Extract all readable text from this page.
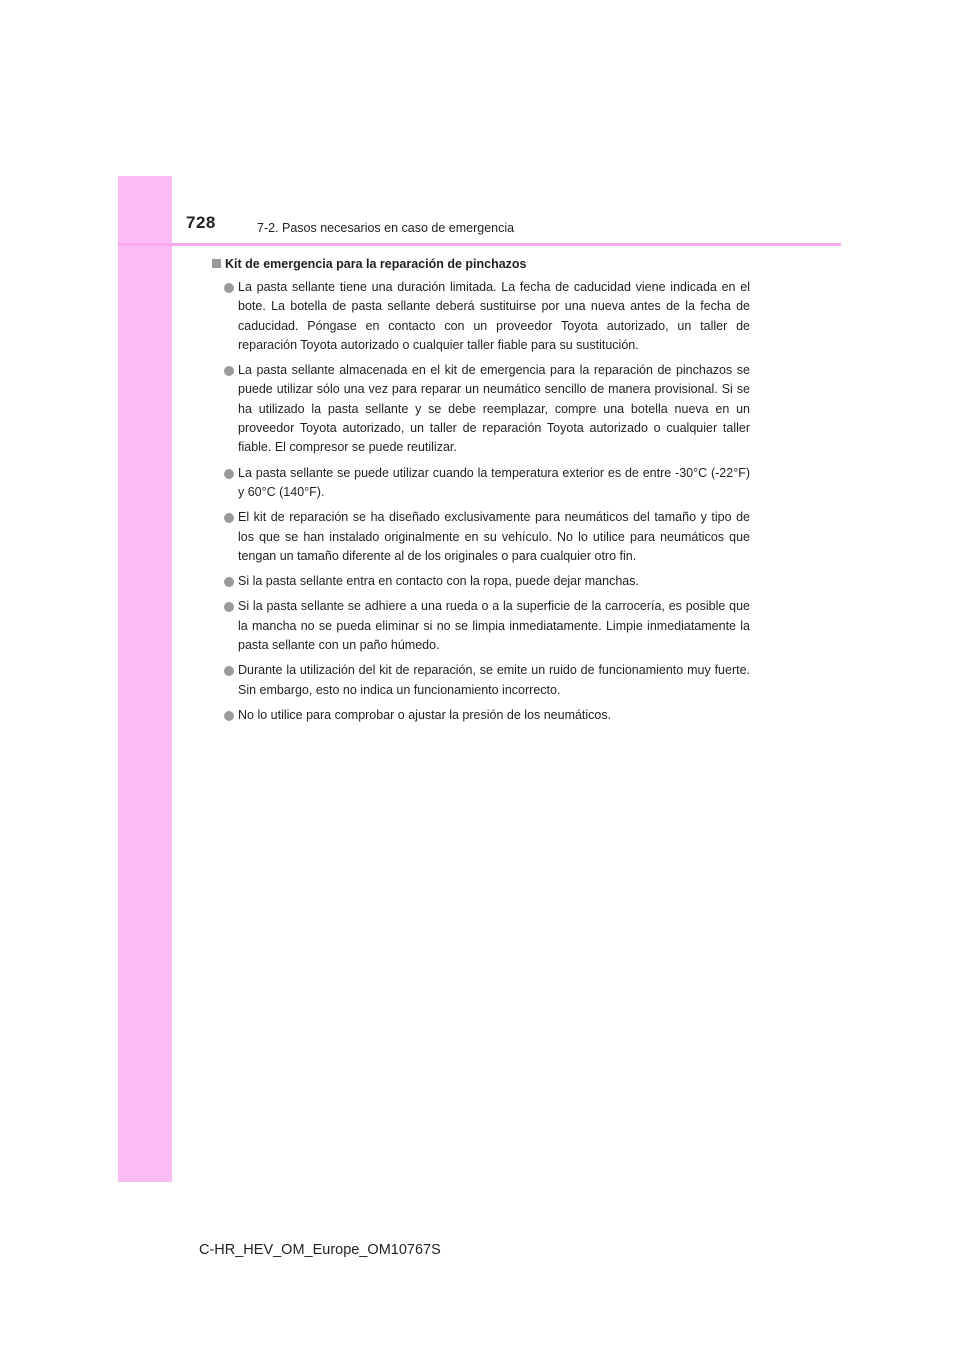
728	7-2. Pasos necesarios en caso de emergencia
Kit de emergencia para la reparación de pinchazos
La pasta sellante tiene una duración limitada. La fecha de caducidad viene indicada en el bote. La botella de pasta sellante deberá sustituirse por una nueva antes de la fecha de caducidad. Póngase en contacto con un proveedor Toyota autorizado, un taller de reparación Toyota autorizado o cualquier taller fiable para su sustitución.
La pasta sellante almacenada en el kit de emergencia para la reparación de pinchazos se puede utilizar sólo una vez para reparar un neumático sencillo de manera provisional. Si se ha utilizado la pasta sellante y se debe reemplazar, compre una botella nueva en un proveedor Toyota autorizado, un taller de reparación Toyota autorizado o cualquier taller fiable. El compresor se puede reutilizar.
La pasta sellante se puede utilizar cuando la temperatura exterior es de entre -30°C (-22°F) y 60°C (140°F).
El kit de reparación se ha diseñado exclusivamente para neumáticos del tamaño y tipo de los que se han instalado originalmente en su vehículo. No lo utilice para neumáticos que tengan un tamaño diferente al de los originales o para cualquier otro fin.
Si la pasta sellante entra en contacto con la ropa, puede dejar manchas.
Si la pasta sellante se adhiere a una rueda o a la superficie de la carrocería, es posible que la mancha no se pueda eliminar si no se limpia inmediatamente. Limpie inmediatamente la pasta sellante con un paño húmedo.
Durante la utilización del kit de reparación, se emite un ruido de funcionamiento muy fuerte. Sin embargo, esto no indica un funcionamiento incorrecto.
No lo utilice para comprobar o ajustar la presión de los neumáticos.
C-HR_HEV_OM_Europe_OM10767S
